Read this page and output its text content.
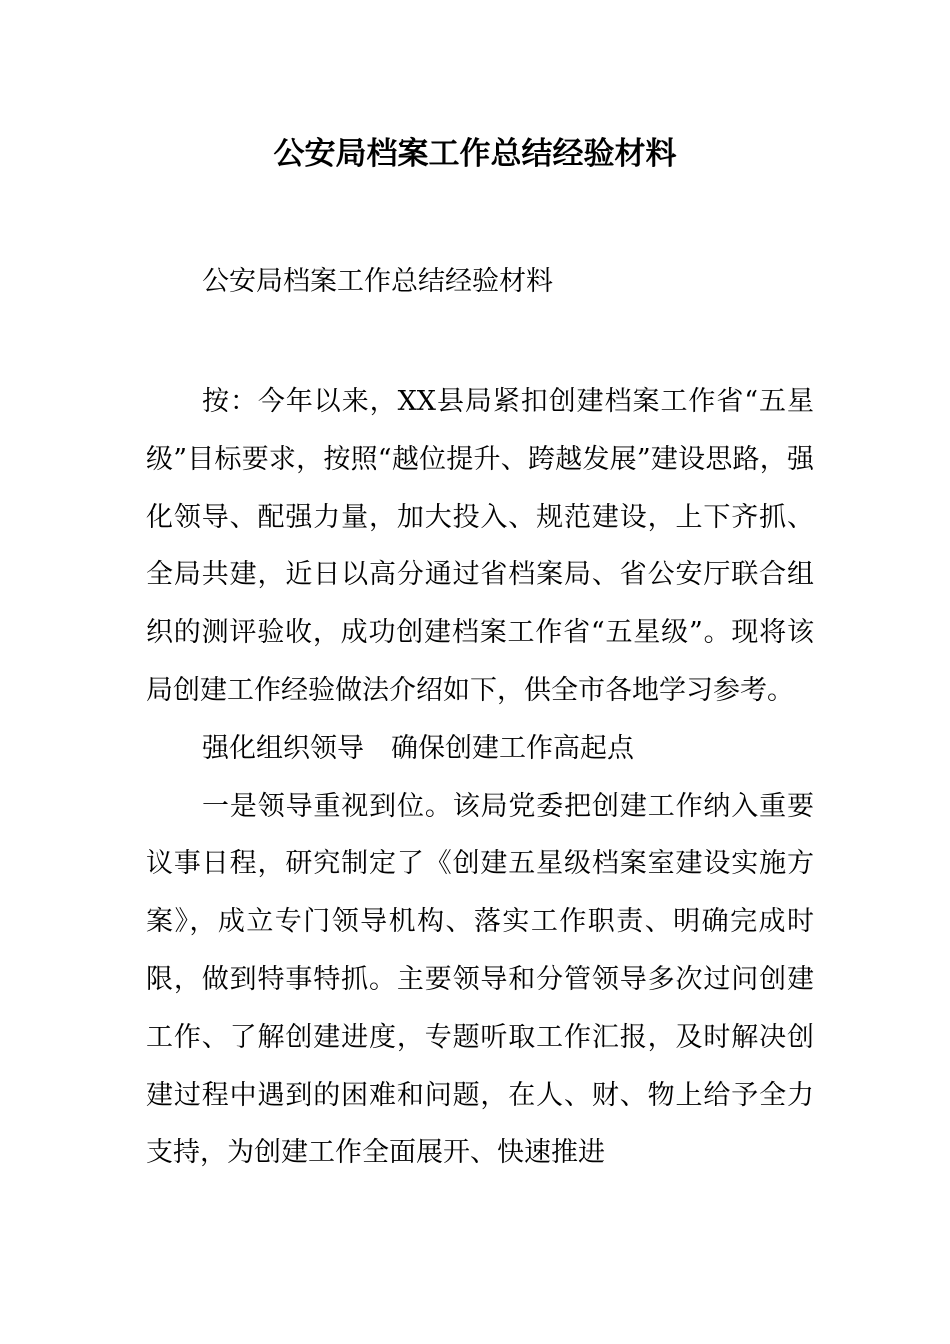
公安局档案工作总结经验材料
公安局档案工作总结经验材料

按：今年以来，XX县局紧扣创建档案工作省“五星级”目标要求，按照“越位提升、跨越发展”建设思路，强化领导、配强力量，加大投入、规范建设，上下齐抓、全局共建，近日以高分通过省档案局、省公安厅联合组织的测评验收，成功创建档案工作省“五星级”。现将该局创建工作经验做法介绍如下，供全市各地学习参考。

强化组织领导　确保创建工作高起点

一是领导重视到位。该局党委把创建工作纳入重要议事日程，研究制定了《创建五星级档案室建设实施方案》，成立专门领导机构、落实工作职责、明确完成时限，做到特事特抓。主要领导和分管领导多次过问创建工作、了解创建进度，专题听取工作汇报，及时解决创建过程中遇到的困难和问题，在人、财、物上给予全力支持，为创建工作全面展开、快速推进
